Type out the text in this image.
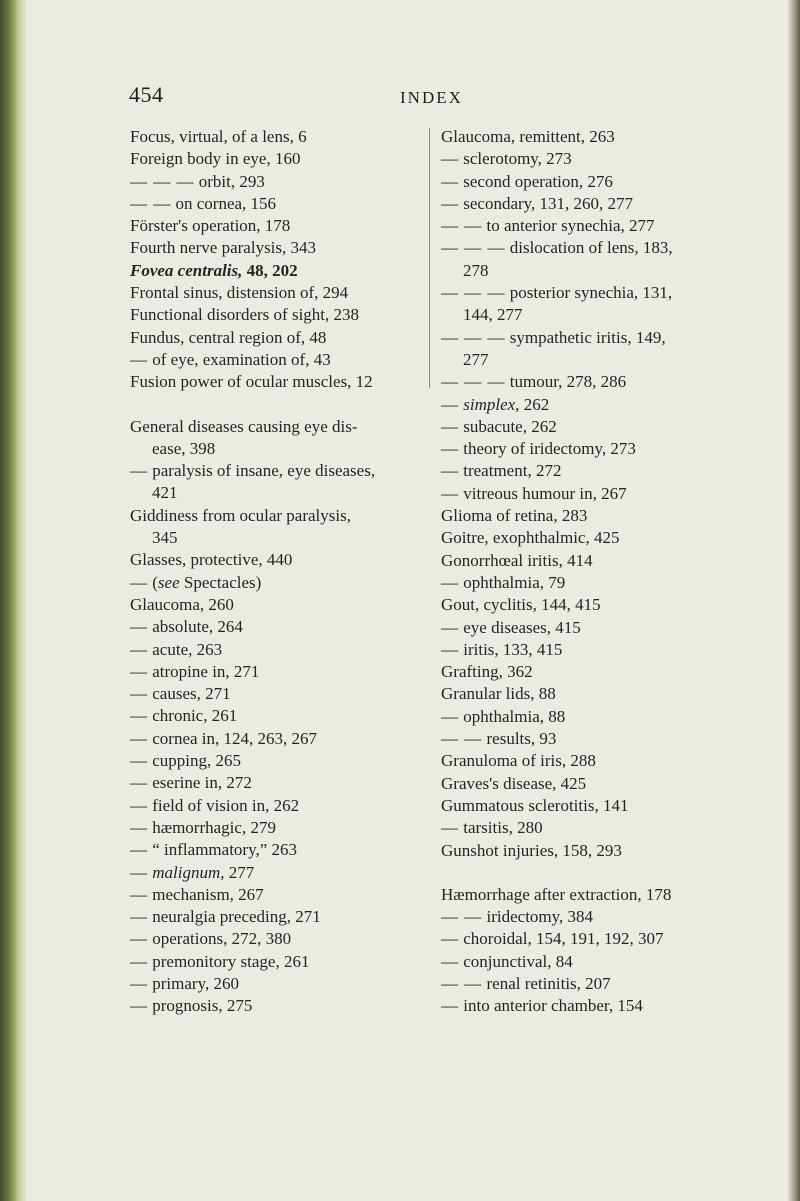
454	INDEX
Focus, virtual, of a lens, 6
Foreign body in eye, 160
— — — orbit, 293
— — on cornea, 156
Förster's operation, 178
Fourth nerve paralysis, 343
Fovea centralis, 48, 202
Frontal sinus, distension of, 294
Functional disorders of sight, 238
Fundus, central region of, 48
— of eye, examination of, 43
Fusion power of ocular muscles, 12
General diseases causing eye dis-
ease, 398
— paralysis of insane, eye diseases,
421
Giddiness from ocular paralysis,
345
Glasses, protective, 440
— (see Spectacles)
Glaucoma, 260
— absolute, 264
— acute, 263
— atropine in, 271
— causes, 271
— chronic, 261
— cornea in, 124, 263, 267
— cupping, 265
— eserine in, 272
— field of vision in, 262
— hæmorrhagic, 279
— “ inflammatory,” 263
— malignum, 277
— mechanism, 267
— neuralgia preceding, 271
— operations, 272, 380
— premonitory stage, 261
— primary, 260
— prognosis, 275
Glaucoma, remittent, 263
— sclerotomy, 273
— second operation, 276
— secondary, 131, 260, 277
— — to anterior synechia, 277
— — — dislocation of lens, 183,
278
— — — posterior synechia, 131,
144, 277
— — — sympathetic iritis, 149,
277
— — — tumour, 278, 286
— simplex, 262
— subacute, 262
— theory of iridectomy, 273
— treatment, 272
— vitreous humour in, 267
Glioma of retina, 283
Goitre, exophthalmic, 425
Gonorrhœal iritis, 414
— ophthalmia, 79
Gout, cyclitis, 144, 415
— eye diseases, 415
— iritis, 133, 415
Grafting, 362
Granular lids, 88
— ophthalmia, 88
— — results, 93
Granuloma of iris, 288
Graves's disease, 425
Gummatous sclerotitis, 141
— tarsitis, 280
Gunshot injuries, 158, 293
Hæmorrhage after extraction, 178
— — iridectomy, 384
— choroidal, 154, 191, 192, 307
— conjunctival, 84
— — renal retinitis, 207
— into anterior chamber, 154
